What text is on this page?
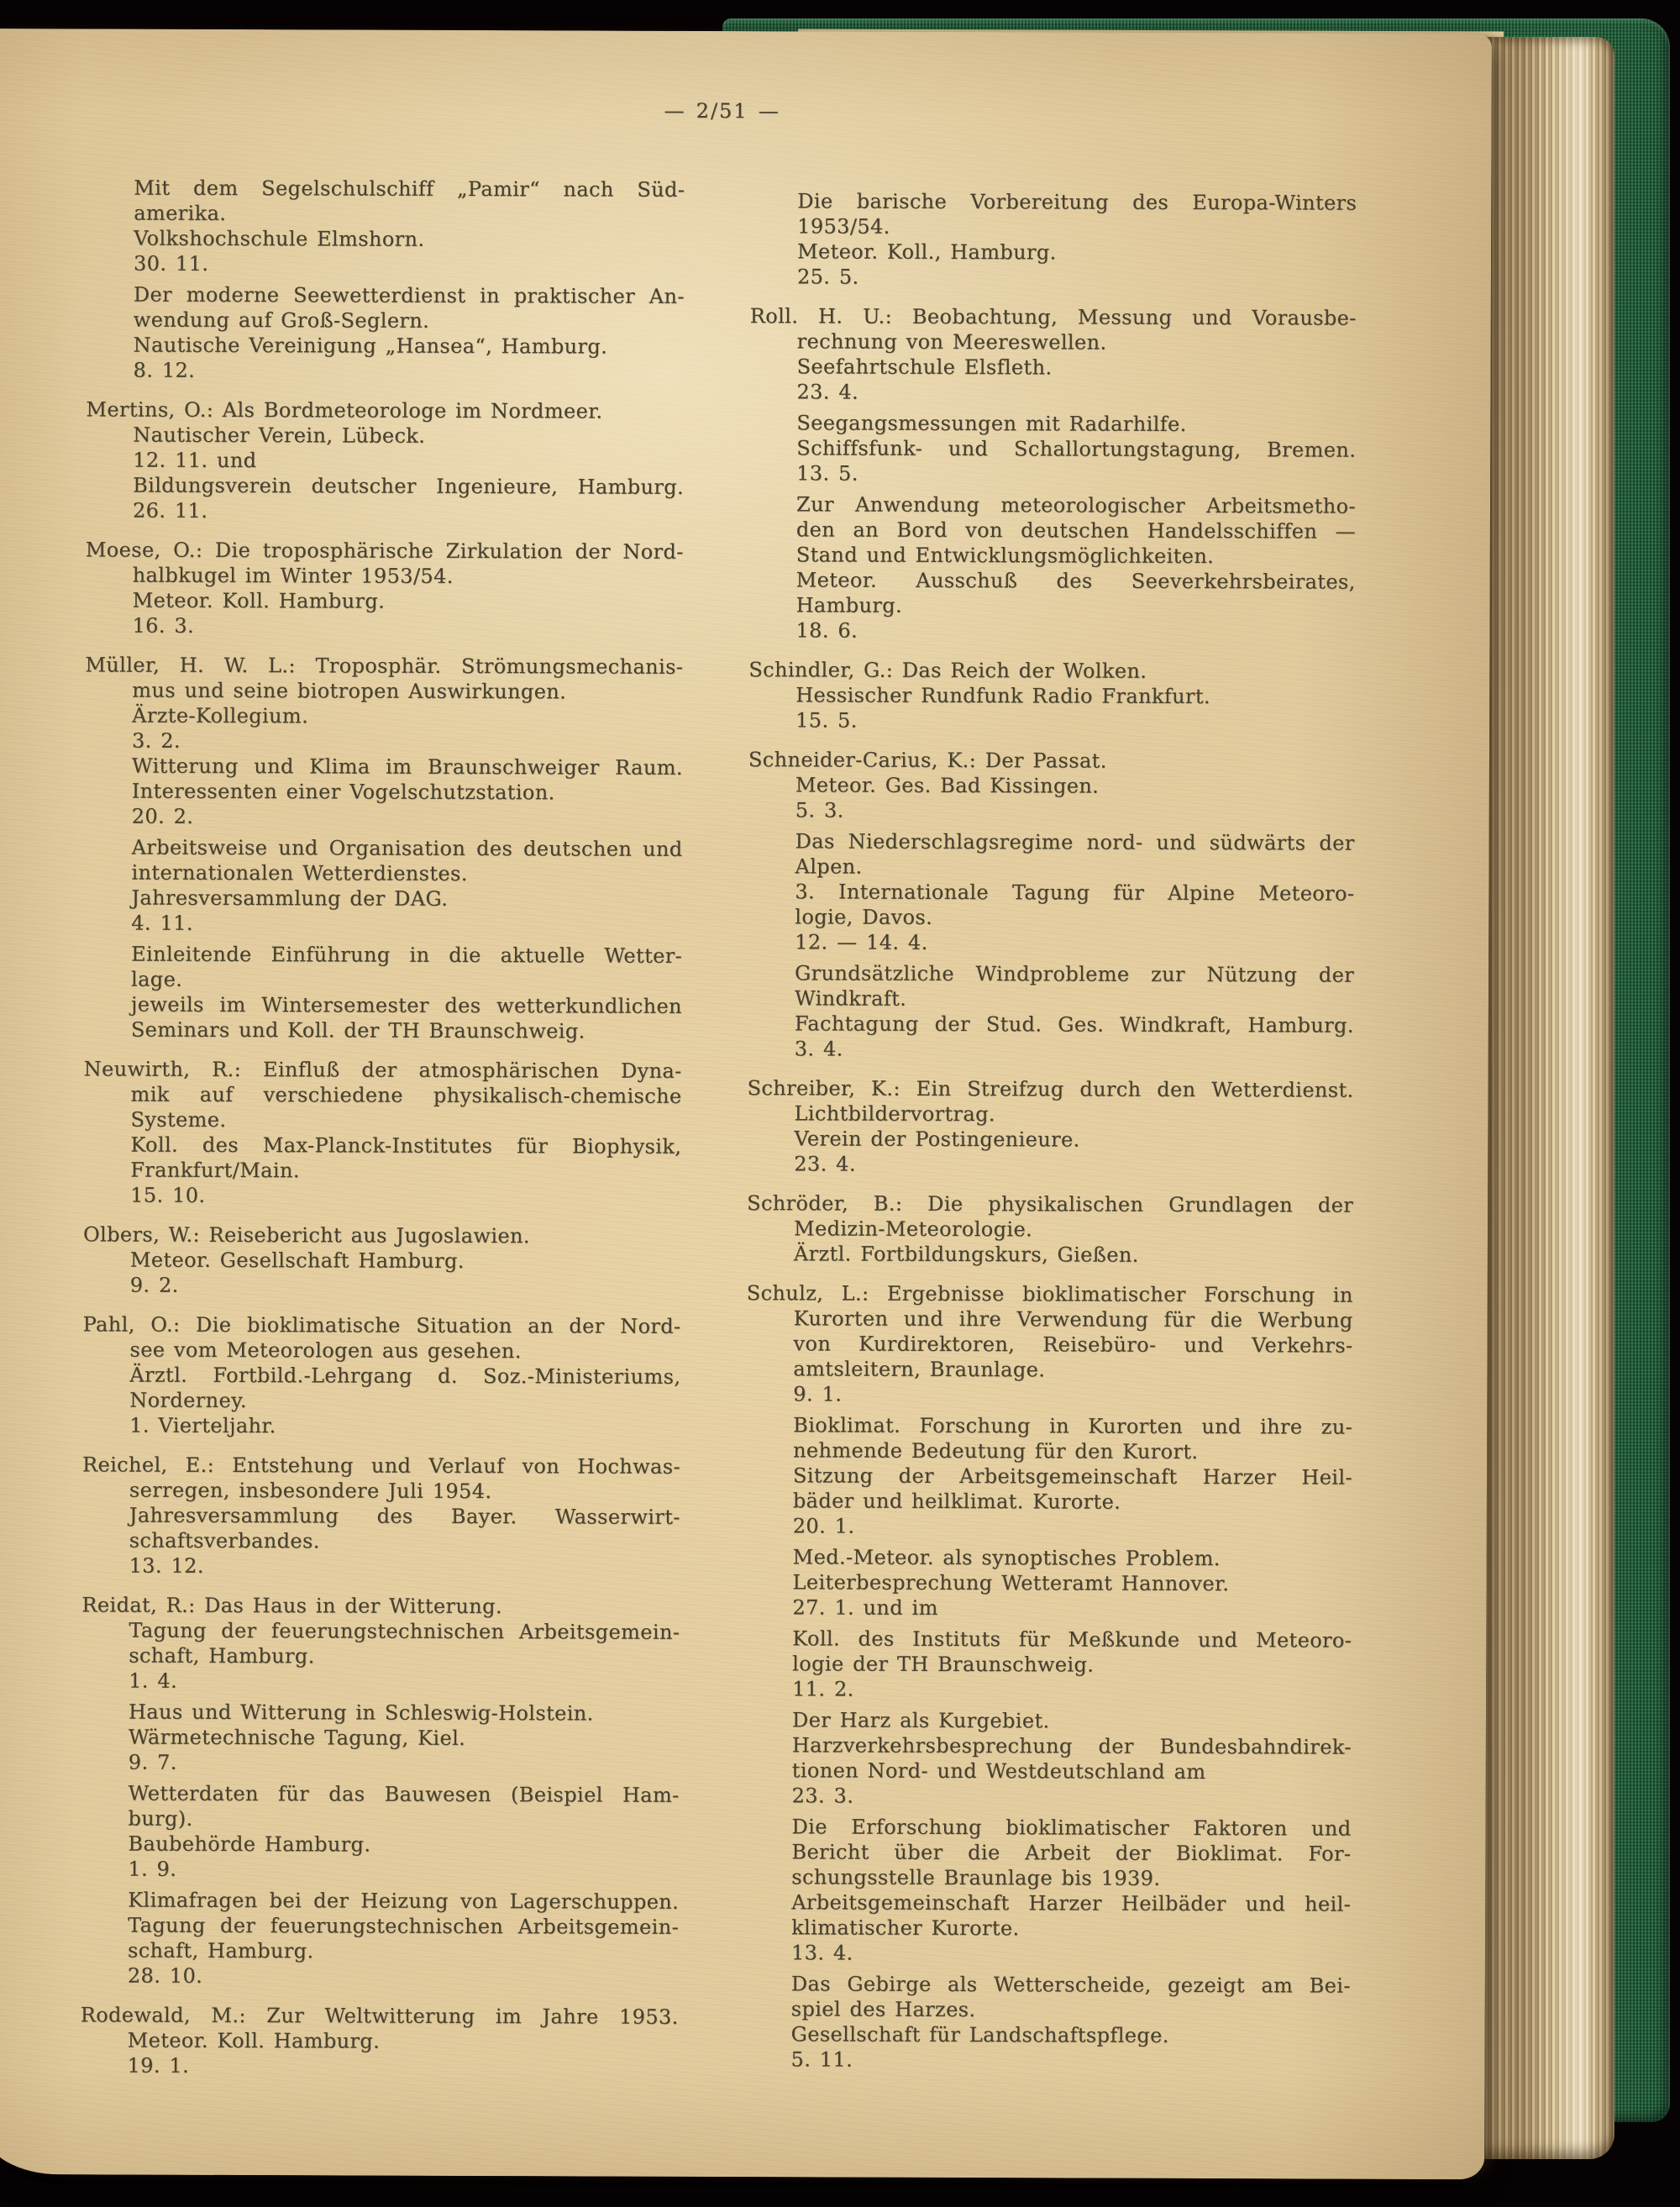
— 2/51 —
Mit dem Segelschulschiff „Pamir“ nach Süd-
amerika.
Volkshochschule Elmshorn.
30. 11.
Der moderne Seewetterdienst in praktischer An-
wendung auf Groß-Seglern.
Nautische Vereinigung „Hansea“, Hamburg.
8. 12.
Mertins, O.: Als Bordmeteorologe im Nordmeer.
Nautischer Verein, Lübeck.
12. 11. und
Bildungsverein deutscher Ingenieure, Hamburg.
26. 11.
Moese, O.: Die troposphärische Zirkulation der Nord-
halbkugel im Winter 1953/54.
Meteor. Koll. Hamburg.
16. 3.
Müller, H. W. L.: Troposphär. Strömungsmechanis-
mus und seine biotropen Auswirkungen.
Ärzte-Kollegium.
3. 2.
Witterung und Klima im Braunschweiger Raum.
Interessenten einer Vogelschutzstation.
20. 2.
Arbeitsweise und Organisation des deutschen und
internationalen Wetterdienstes.
Jahresversammlung der DAG.
4. 11.
Einleitende Einführung in die aktuelle Wetter-
lage.
jeweils im Wintersemester des wetterkundlichen
Seminars und Koll. der TH Braunschweig.
Neuwirth, R.: Einfluß der atmosphärischen Dyna-
mik auf verschiedene physikalisch-chemische
Systeme.
Koll. des Max-Planck-Institutes für Biophysik,
Frankfurt/Main.
15. 10.
Olbers, W.: Reisebericht aus Jugoslawien.
Meteor. Gesellschaft Hamburg.
9. 2.
Pahl, O.: Die bioklimatische Situation an der Nord-
see vom Meteorologen aus gesehen.
Ärztl. Fortbild.-Lehrgang d. Soz.-Ministeriums,
Norderney.
1. Vierteljahr.
Reichel, E.: Entstehung und Verlauf von Hochwas-
serregen, insbesondere Juli 1954.
Jahresversammlung des Bayer. Wasserwirt-
schaftsverbandes.
13. 12.
Reidat, R.: Das Haus in der Witterung.
Tagung der feuerungstechnischen Arbeitsgemein-
schaft, Hamburg.
1. 4.
Haus und Witterung in Schleswig-Holstein.
Wärmetechnische Tagung, Kiel.
9. 7.
Wetterdaten für das Bauwesen (Beispiel Ham-
burg).
Baubehörde Hamburg.
1. 9.
Klimafragen bei der Heizung von Lagerschuppen.
Tagung der feuerungstechnischen Arbeitsgemein-
schaft, Hamburg.
28. 10.
Rodewald, M.: Zur Weltwitterung im Jahre 1953.
Meteor. Koll. Hamburg.
19. 1.
Die barische Vorbereitung des Europa-Winters
1953/54.
Meteor. Koll., Hamburg.
25. 5.
Roll. H. U.: Beobachtung, Messung und Vorausbe-
rechnung von Meereswellen.
Seefahrtschule Elsfleth.
23. 4.
Seegangsmessungen mit Radarhilfe.
Schiffsfunk- und Schallortungstagung, Bremen.
13. 5.
Zur Anwendung meteorologischer Arbeitsmetho-
den an Bord von deutschen Handelsschiffen —
Stand und Entwicklungsmöglichkeiten.
Meteor. Ausschuß des Seeverkehrsbeirates,
Hamburg.
18. 6.
Schindler, G.: Das Reich der Wolken.
Hessischer Rundfunk Radio Frankfurt.
15. 5.
Schneider-Carius, K.: Der Passat.
Meteor. Ges. Bad Kissingen.
5. 3.
Das Niederschlagsregime nord- und südwärts der
Alpen.
3. Internationale Tagung für Alpine Meteoro-
logie, Davos.
12. — 14. 4.
Grundsätzliche Windprobleme zur Nützung der
Windkraft.
Fachtagung der Stud. Ges. Windkraft, Hamburg.
3. 4.
Schreiber, K.: Ein Streifzug durch den Wetterdienst.
Lichtbildervortrag.
Verein der Postingenieure.
23. 4.
Schröder, B.: Die physikalischen Grundlagen der
Medizin-Meteorologie.
Ärztl. Fortbildungskurs, Gießen.
Schulz, L.: Ergebnisse bioklimatischer Forschung in
Kurorten und ihre Verwendung für die Werbung
von Kurdirektoren, Reisebüro- und Verkehrs-
amtsleitern, Braunlage.
9. 1.
Bioklimat. Forschung in Kurorten und ihre zu-
nehmende Bedeutung für den Kurort.
Sitzung der Arbeitsgemeinschaft Harzer Heil-
bäder und heilklimat. Kurorte.
20. 1.
Med.-Meteor. als synoptisches Problem.
Leiterbesprechung Wetteramt Hannover.
27. 1. und im
Koll. des Instituts für Meßkunde und Meteoro-
logie der TH Braunschweig.
11. 2.
Der Harz als Kurgebiet.
Harzverkehrsbesprechung der Bundesbahndirek-
tionen Nord- und Westdeutschland am
23. 3.
Die Erforschung bioklimatischer Faktoren und
Bericht über die Arbeit der Bioklimat. For-
schungsstelle Braunlage bis 1939.
Arbeitsgemeinschaft Harzer Heilbäder und heil-
klimatischer Kurorte.
13. 4.
Das Gebirge als Wetterscheide, gezeigt am Bei-
spiel des Harzes.
Gesellschaft für Landschaftspflege.
5. 11.
